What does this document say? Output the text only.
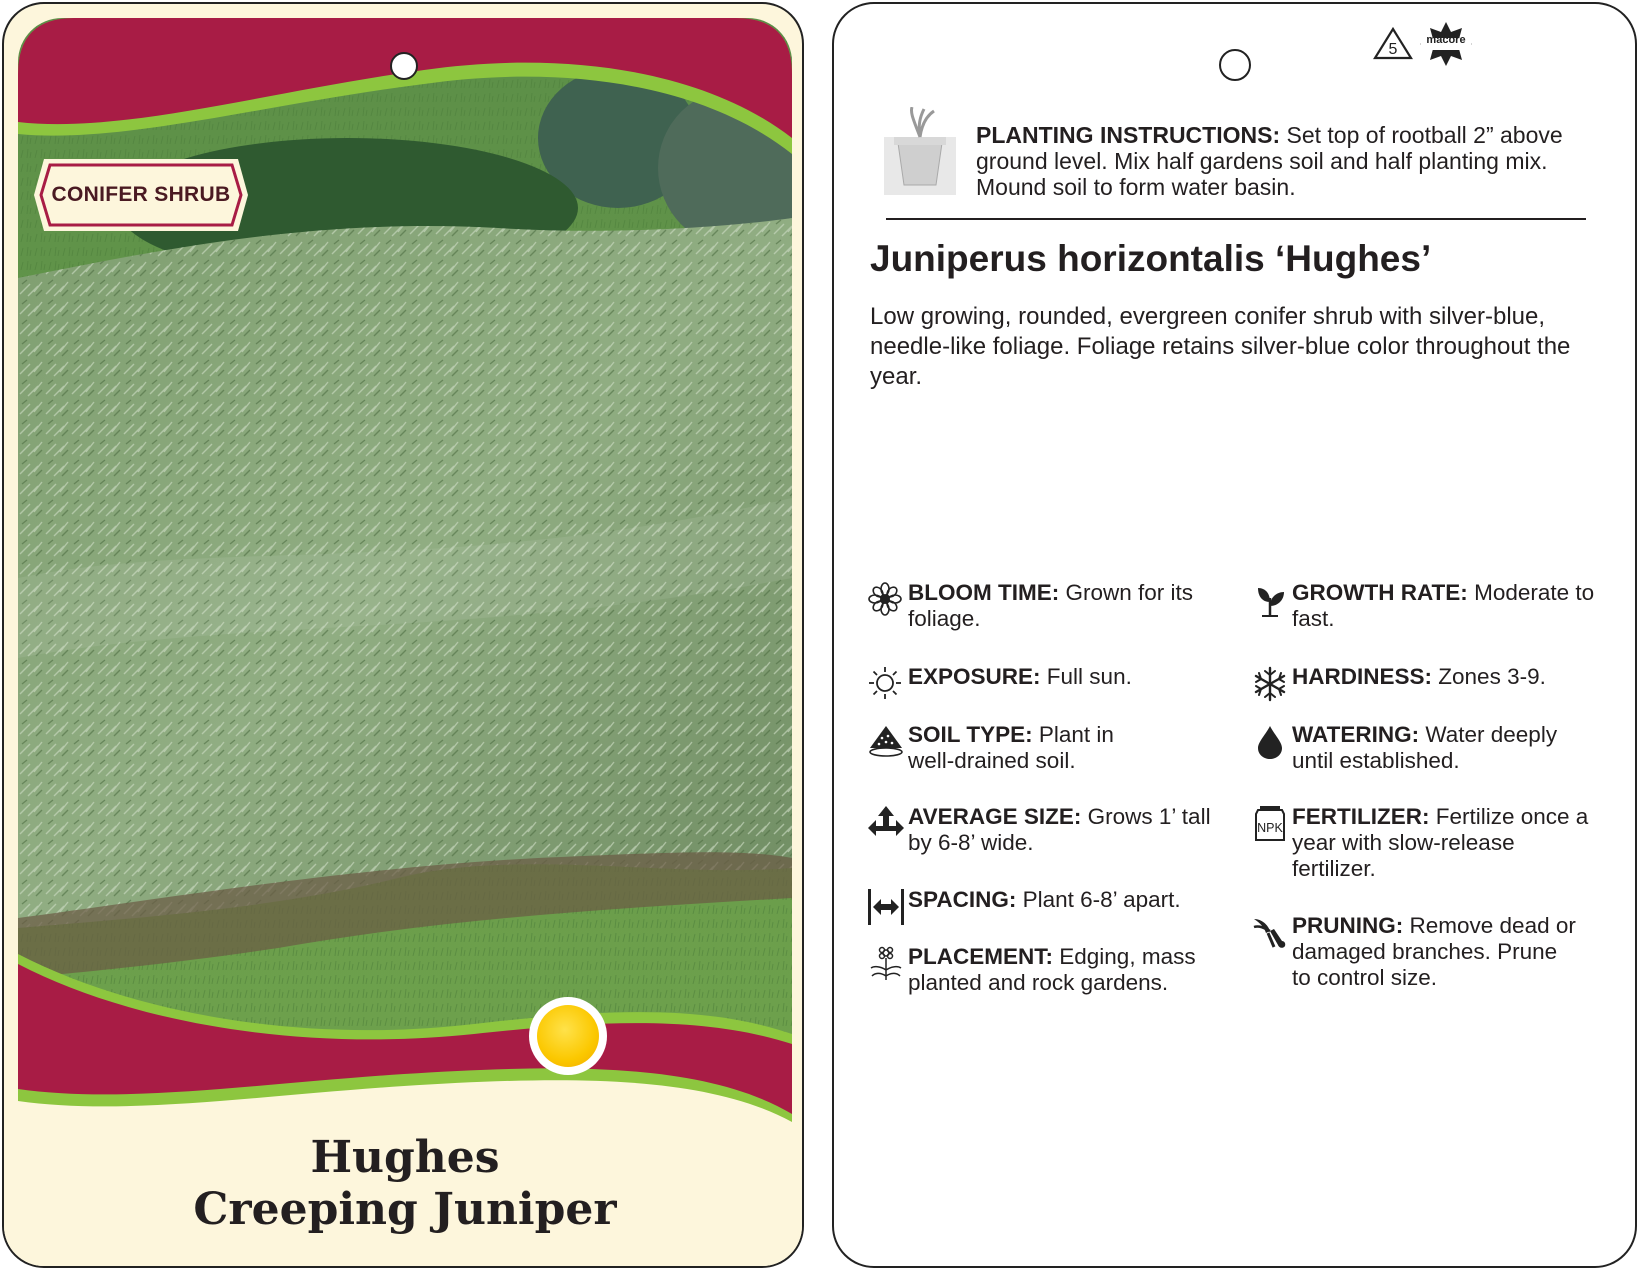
CONIFER SHRUB
Hughes
Creeping Juniper
5
macore
PLANTING INSTRUCTIONS: Set top of rootball 2” above ground level. Mix half gardens soil and half planting mix. Mound soil to form water basin.
Juniperus horizontalis ‘Hughes’
Low growing, rounded, evergreen conifer shrub with silver-blue, needle-like foliage. Foliage retains silver-blue color throughout the year.
BLOOM TIME: Grown for its
foliage.
EXPOSURE: Full sun.
SOIL TYPE: Plant in
well-drained soil.
AVERAGE SIZE: Grows 1’ tall
by 6-8’ wide.
SPACING: Plant 6-8’ apart.
PLACEMENT: Edging, mass
planted and rock gardens.
GROWTH RATE: Moderate to
fast.
HARDINESS: Zones 3-9.
WATERING: Water deeply
until established.
NPK FERTILIZER: Fertilize once a
year with slow-release
fertilizer.
PRUNING: Remove dead or
damaged branches. Prune
to control size.
